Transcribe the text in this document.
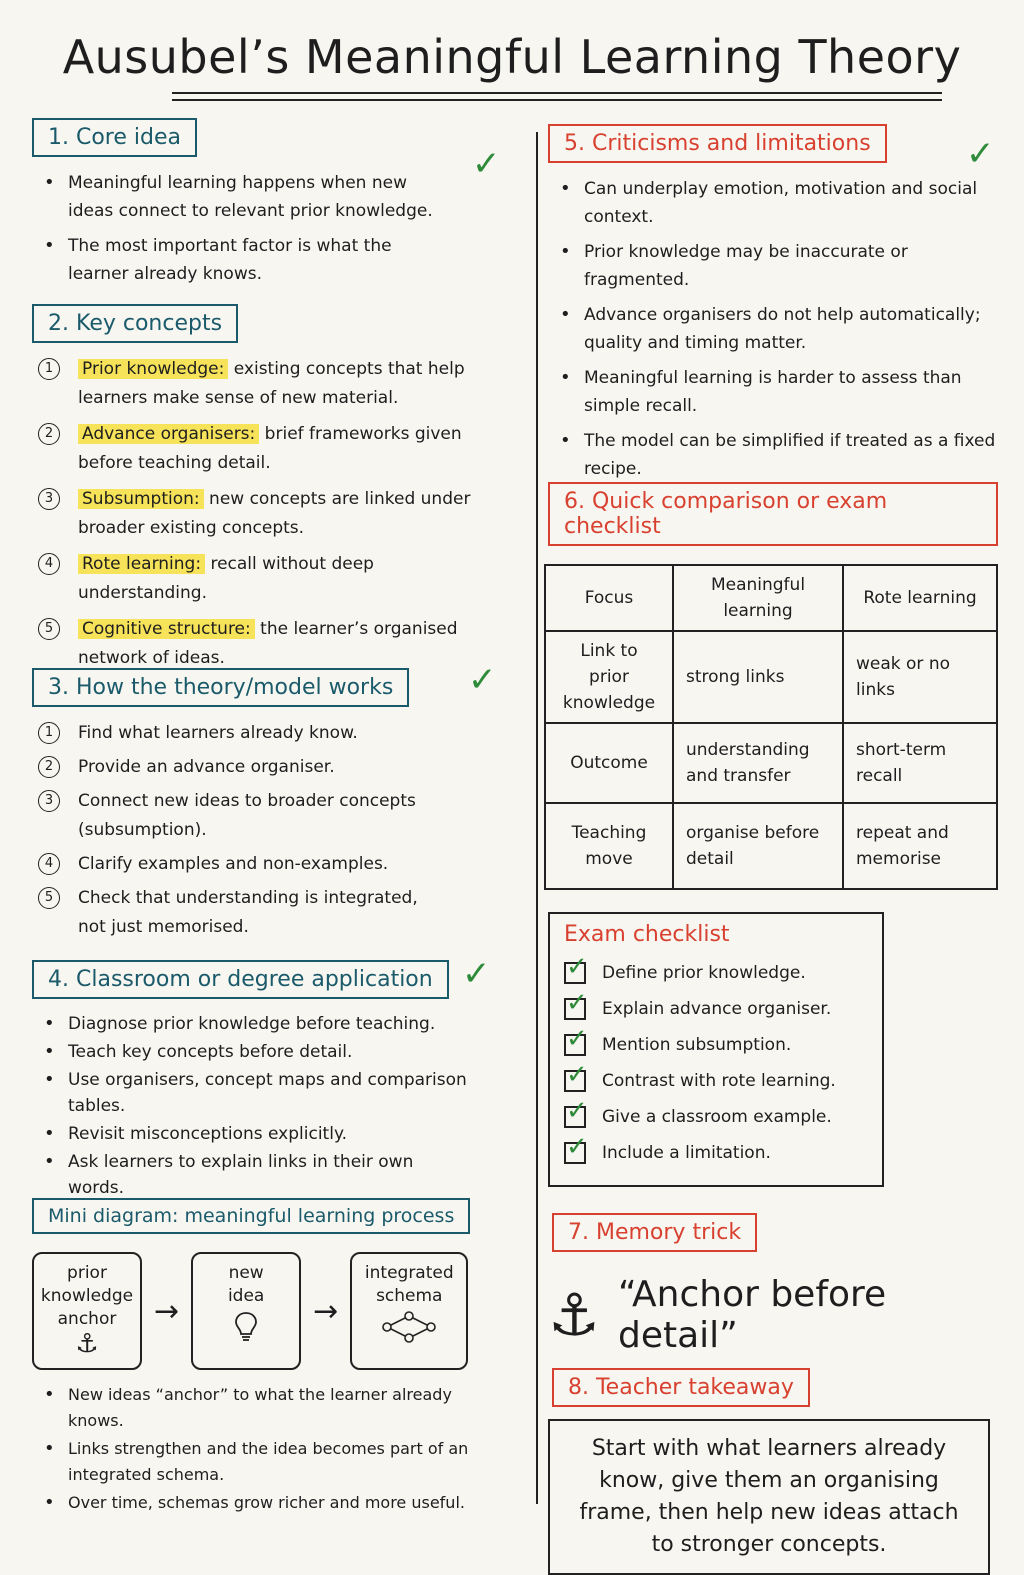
Ausubel’s Meaningful Learning Theory
1. Core idea
✓
• Meaningful learning happens when new ideas connect to relevant prior knowledge.
• The most important factor is what the learner already knows.
2. Key concepts
1	Prior knowledge: existing concepts that help learners make sense of new material.
2	Advance organisers: brief frameworks given before teaching detail.
3	Subsumption: new concepts are linked under broader existing concepts.
4	Rote learning: recall without deep understanding.
5	Cognitive structure: the learner’s organised network of ideas.
3. How the theory/model works ✓
1	Find what learners already know.
2	Provide an advance organiser.
3	Connect new ideas to broader concepts (subsumption).
4	Clarify examples and non-examples.
5	Check that understanding is integrated, not just memorised.
4. Classroom or degree application ✓
• Diagnose prior knowledge before teaching.
• Teach key concepts before detail.
• Use organisers, concept maps and comparison tables.
• Revisit misconceptions explicitly.
• Ask learners to explain links in their own words.
Mini diagram: meaningful learning process
prior knowledge anchor
⚓
→
new idea	→
integrated schema
• New ideas “anchor” to what the learner already knows.
• Links strengthen and the idea becomes part of an integrated schema.
• Over time, schemas grow richer and more useful.
5. Criticisms and limitations	✓
• Can underplay emotion, motivation and social context.
• Prior knowledge may be inaccurate or fragmented.
• Advance organisers do not help automatically; quality and timing matter.
• Meaningful learning is harder to assess than simple recall.
• The model can be simplified if treated as a fixed recipe.
6. Quick comparison or exam checklist
Focus	Meaningful learning	Rote learning
Link to prior knowledge	strong links	weak or no links
Outcome	understanding and transfer	short-term recall
Teaching move	organise before detail	repeat and memorise
Exam checklist
✓ Define prior knowledge.
✓ Explain advance organiser.
✓ Mention subsumption.
✓ Contrast with rote learning.
✓ Give a classroom example.
✓ Include a limitation.
7. Memory trick
⚓ “Anchor before detail”
8. Teacher takeaway
Start with what learners already know, give them an organising frame, then help new ideas attach to stronger concepts.
